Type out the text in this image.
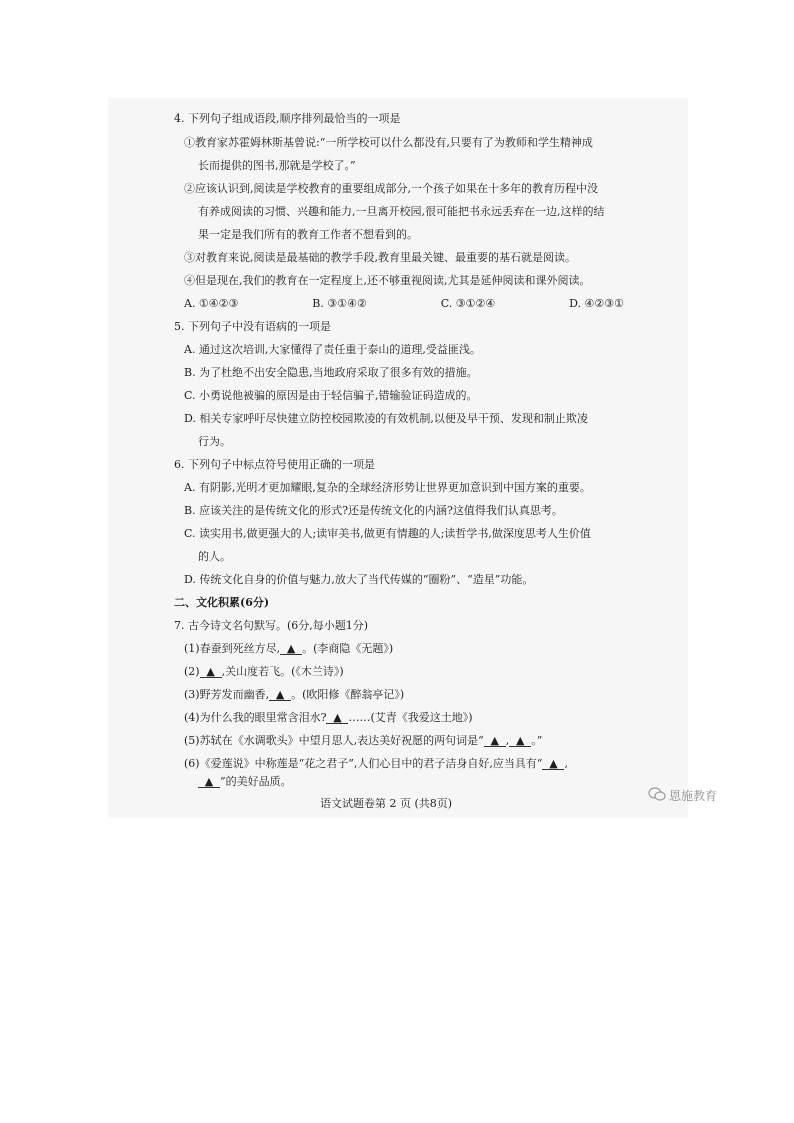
4. 下列句子组成语段,顺序排列最恰当的一项是
①教育家苏霍姆林斯基曾说:“一所学校可以什么都没有,只要有了为教师和学生精神成
长而提供的图书,那就是学校了。”
②应该认识到,阅读是学校教育的重要组成部分,一个孩子如果在十多年的教育历程中没
有养成阅读的习惯、兴趣和能力,一旦离开校园,很可能把书永远丢弃在一边,这样的结
果一定是我们所有的教育工作者不想看到的。
③对教育来说,阅读是最基础的教学手段,教育里最关键、最重要的基石就是阅读。
④但是现在,我们的教育在一定程度上,还不够重视阅读,尤其是延伸阅读和课外阅读。
A. ①④②③	B. ③①④②	C. ③①②④	D. ④②③①
5. 下列句子中没有语病的一项是
A. 通过这次培训,大家懂得了责任重于泰山的道理,受益匪浅。
B. 为了杜绝不出安全隐患,当地政府采取了很多有效的措施。
C. 小勇说他被骗的原因是由于轻信骗子,错输验证码造成的。
D. 相关专家呼吁尽快建立防控校园欺凌的有效机制,以便及早干预、发现和制止欺凌
行为。
6. 下列句子中标点符号使用正确的一项是
A. 有阴影,光明才更加耀眼,复杂的全球经济形势让世界更加意识到中国方案的重要。
B. 应该关注的是传统文化的形式?还是传统文化的内涵?这值得我们认真思考。
C. 读实用书,做更强大的人;读审美书,做更有情趣的人;读哲学书,做深度思考人生价值
的人。
D. 传统文化自身的价值与魅力,放大了当代传媒的“圈粉”、“造星”功能。
二、文化积累(6分)
7. 古今诗文名句默写。(6分,每小题1分)
(1)春蚕到死丝方尽, ▲ 。(李商隐《无题》)
(2) ▲ ,关山度若飞。(《木兰诗》)
(3)野芳发而幽香, ▲ 。(欧阳修《醉翁亭记》)
(4)为什么我的眼里常含泪水? ▲ ……(艾青《我爱这土地》)
(5)苏轼在《水调歌头》中望月思人,表达美好祝愿的两句词是“ ▲ , ▲ 。”
(6)《爱莲说》中称莲是“花之君子”,人们心目中的君子洁身自好,应当具有“ ▲ ,
▲ ”的美好品质。
语文试题卷第 2 页 (共8页)
恩施教育
